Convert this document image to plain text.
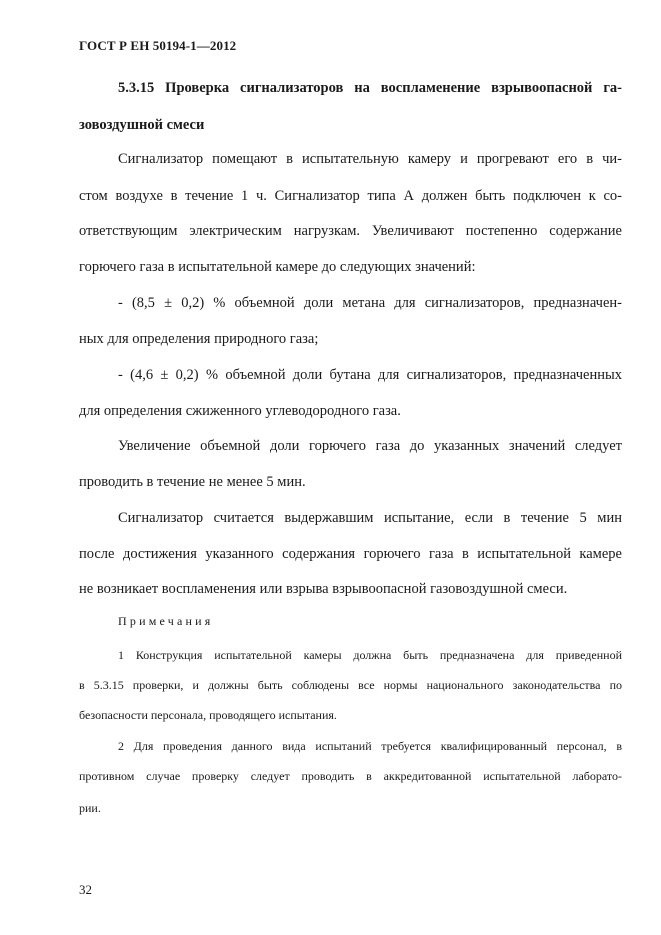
ГОСТ Р ЕН 50194-1—2012
5.3.15 Проверка сигнализаторов на воспламенение взрывоопасной га-
зовоздушной смеси
Сигнализатор помещают в испытательную камеру и прогревают его в чи-
стом воздухе в течение 1 ч. Сигнализатор типа А должен быть подключен к со-
ответствующим электрическим нагрузкам. Увеличивают постепенно содержание
горючего газа в испытательной камере до следующих значений:
- (8,5 ± 0,2) % объемной доли метана для сигнализаторов, предназначен-
ных для определения природного газа;
- (4,6 ± 0,2) % объемной доли бутана для сигнализаторов, предназначенных
для определения сжиженного углеводородного газа.
Увеличение объемной доли горючего газа до указанных значений следует
проводить в течение не менее 5 мин.
Сигнализатор считается выдержавшим испытание, если в течение 5 мин
после достижения указанного содержания горючего газа в испытательной камере
не возникает воспламенения или взрыва взрывоопасной газовоздушной смеси.
Примечания
1 Конструкция испытательной камеры должна быть предназначена для приведенной
в 5.3.15 проверки, и должны быть соблюдены все нормы национального законодательства по
безопасности персонала, проводящего испытания.
2 Для проведения данного вида испытаний требуется квалифицированный персонал, в
противном случае проверку следует проводить в аккредитованной испытательной лаборато-
рии.
32
